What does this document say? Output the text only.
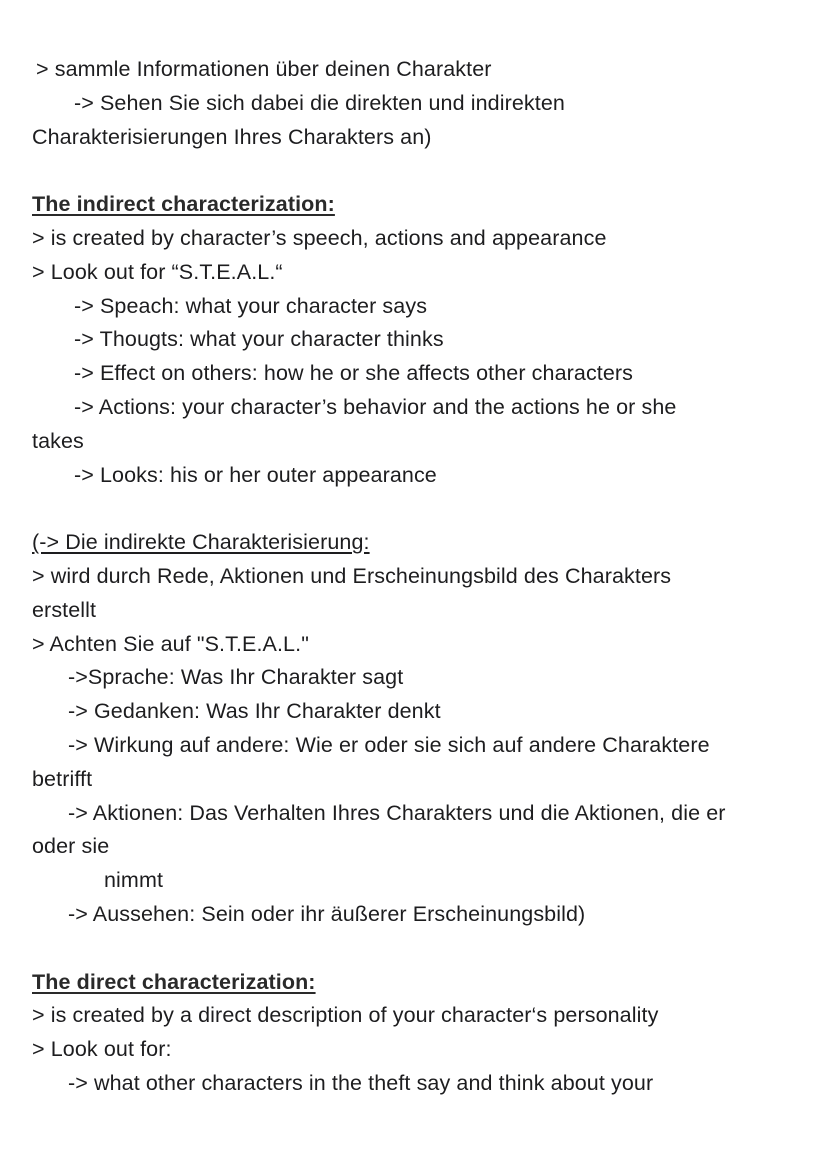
> sammle Informationen über deinen Charakter
-> Sehen Sie sich dabei die direkten und indirekten
Charakterisierungen Ihres Charakters an)
The indirect characterization:
> is created by character’s speech, actions and appearance
> Look out for “S.T.E.A.L.“
-> Speach: what your character says
-> Thougts: what your character thinks
-> Effect on others: how he or she affects other characters
-> Actions: your character’s behavior and the actions he or she
takes
-> Looks: his or her outer appearance
(-> Die indirekte Charakterisierung:
> wird durch Rede, Aktionen und Erscheinungsbild des Charakters
erstellt
> Achten Sie auf "S.T.E.A.L."
->Sprache: Was Ihr Charakter sagt
-> Gedanken: Was Ihr Charakter denkt
-> Wirkung auf andere: Wie er oder sie sich auf andere Charaktere
betrifft
-> Aktionen: Das Verhalten Ihres Charakters und die Aktionen, die er
oder sie
nimmt
-> Aussehen: Sein oder ihr äußerer Erscheinungsbild)
The direct characterization:
> is created by a direct description of your character‘s personality
> Look out for:
-> what other characters in the theft say and think about your
